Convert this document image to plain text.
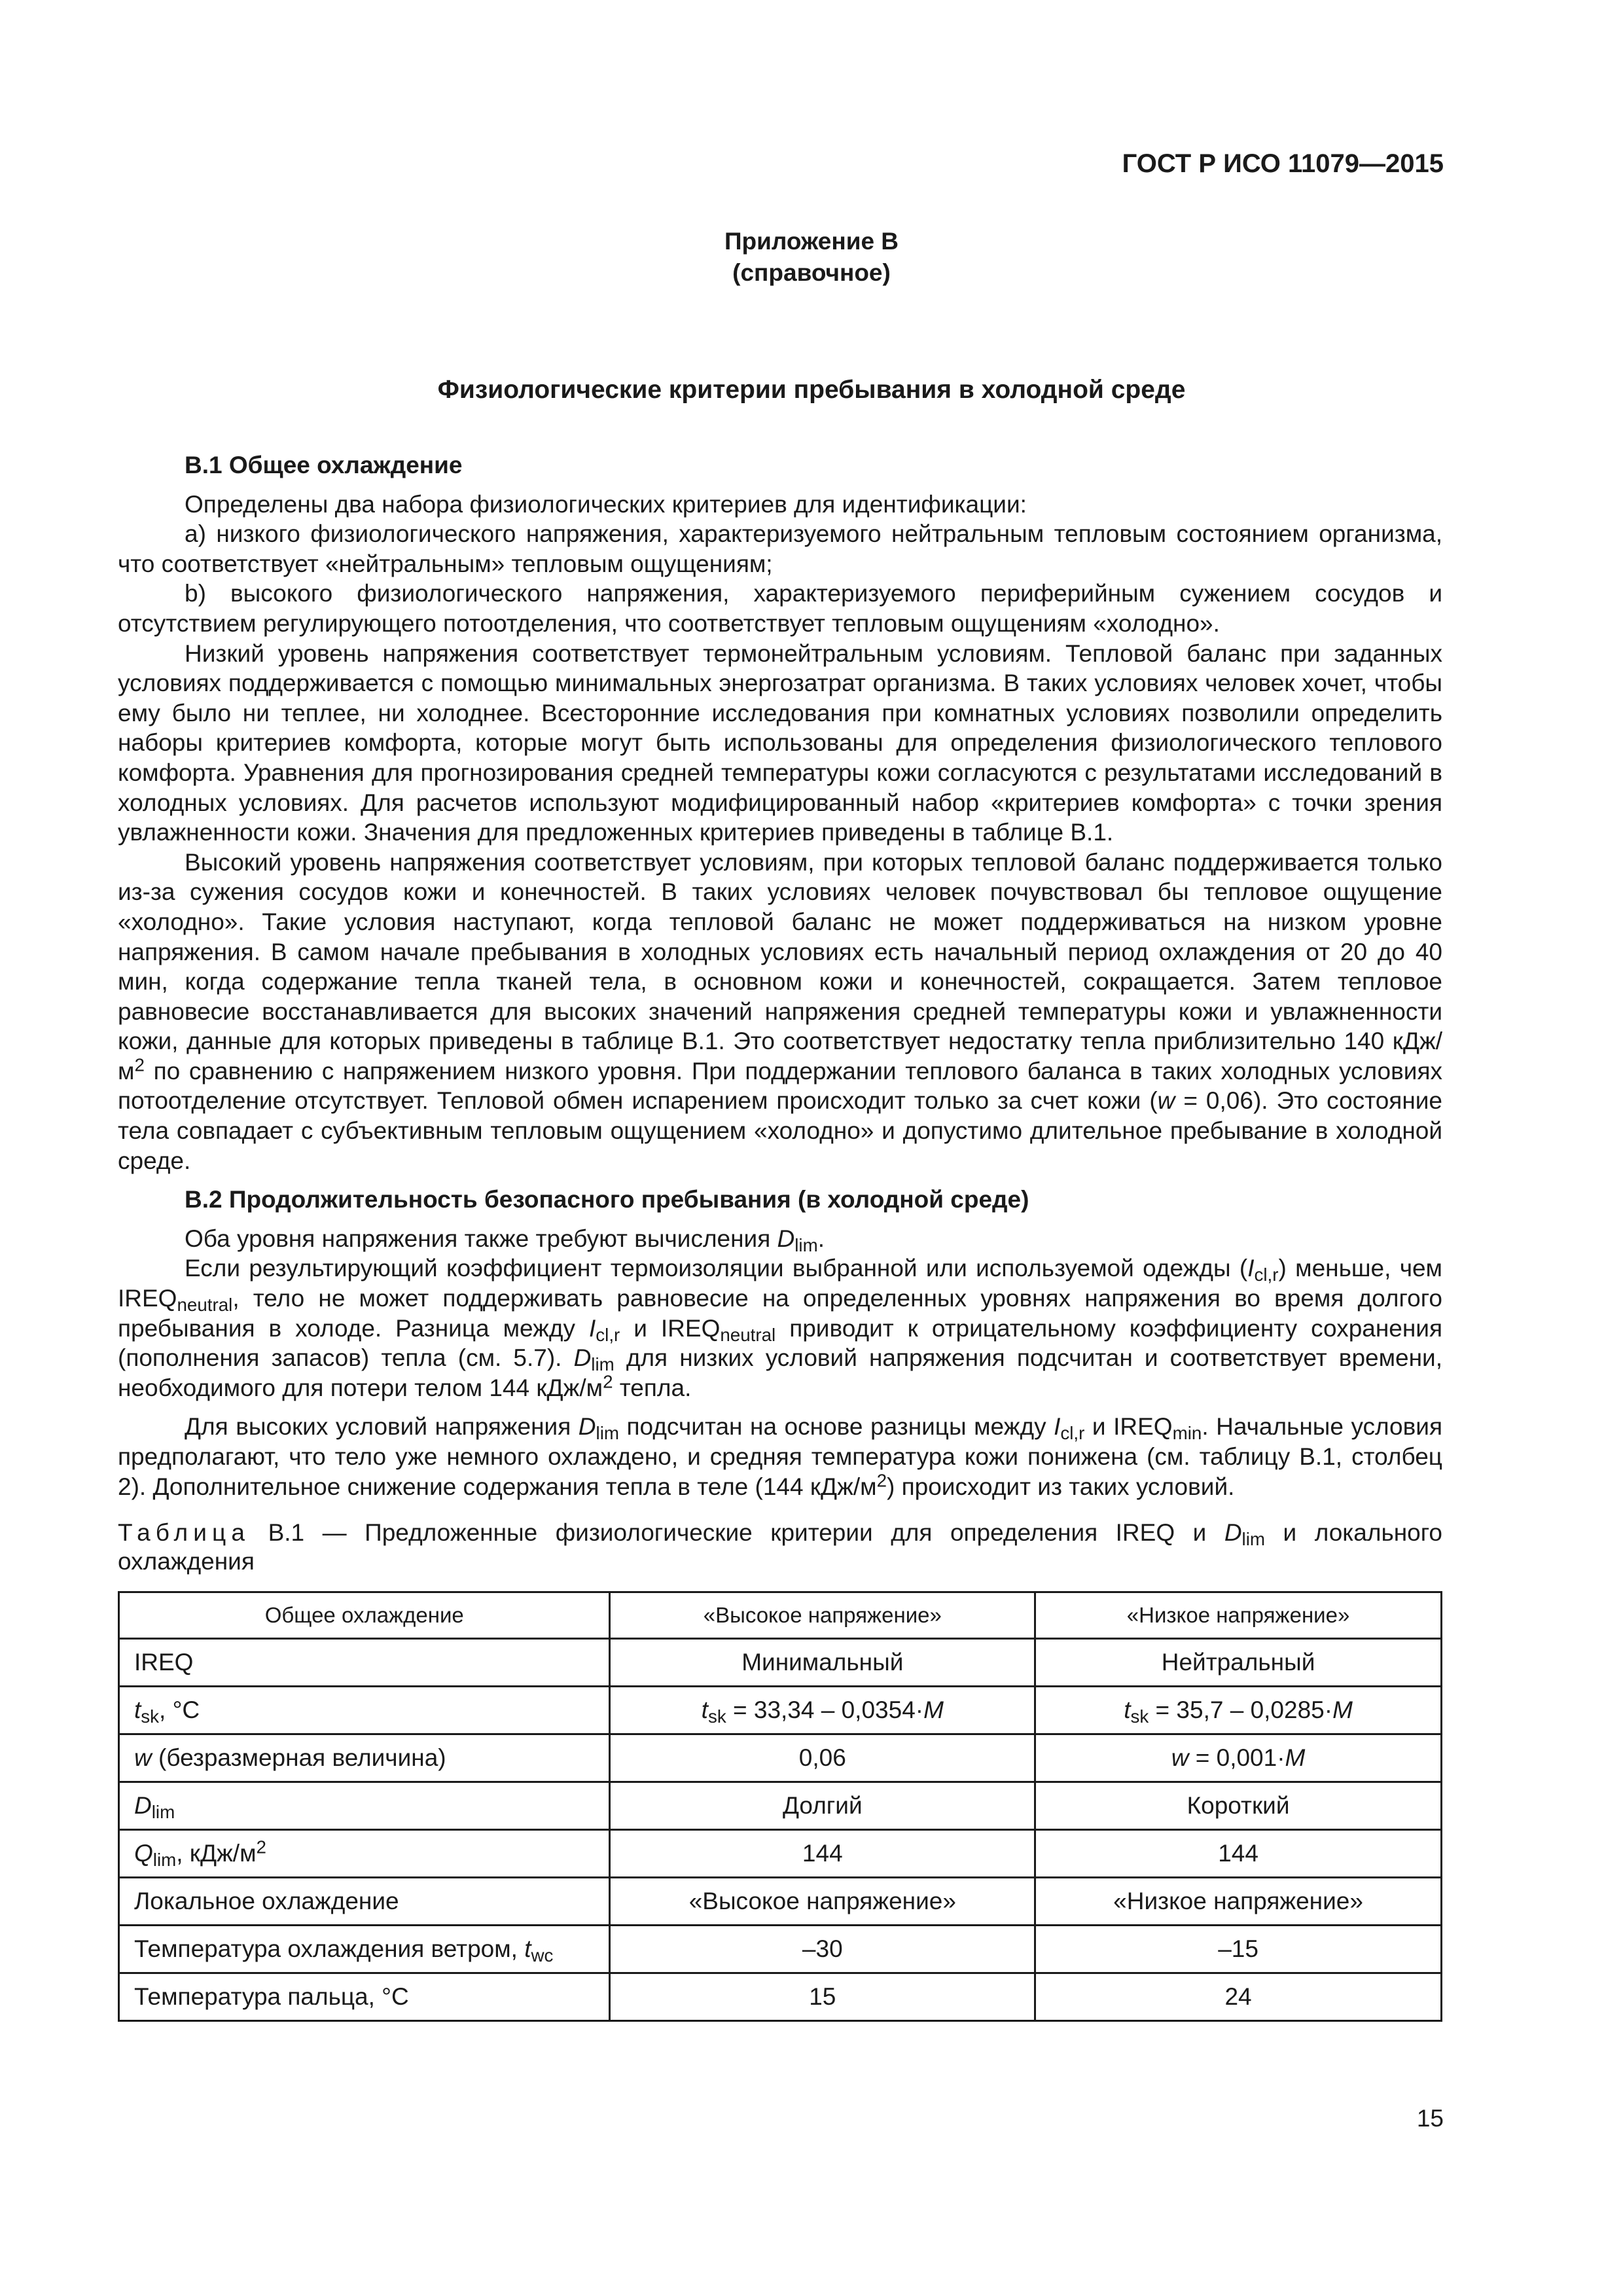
ГОСТ Р ИСО 11079—2015
Приложение В
(справочное)
Физиологические критерии пребывания в холодной среде
В.1 Общее охлаждение

Определены два набора физиологических критериев для идентификации:

а) низкого физиологического напряжения, характеризуемого нейтральным тепловым состоянием организма, что соответствует «нейтральным» тепловым ощущениям;

b) высокого физиологического напряжения, характеризуемого периферийным сужением сосудов и отсутствием регулирующего потоотделения, что соответствует тепловым ощущениям «холодно».

Низкий уровень напряжения соответствует термонейтральным условиям. Тепловой баланс при заданных условиях поддерживается с помощью минимальных энергозатрат организма. В таких условиях человек хочет, чтобы ему было ни теплее, ни холоднее. Всесторонние исследования при комнатных условиях позволили определить наборы критериев комфорта, которые могут быть использованы для определения физиологического теплового комфорта. Уравнения для прогнозирования средней температуры кожи согласуются с результатами исследований в холодных условиях. Для расчетов используют модифицированный набор «критериев комфорта» с точки зрения увлажненности кожи. Значения для предложенных критериев приведены в таблице В.1.

Высокий уровень напряжения соответствует условиям, при которых тепловой баланс поддерживается только из-за сужения сосудов кожи и конечностей. В таких условиях человек почувствовал бы тепловое ощущение «холодно». Такие условия наступают, когда тепловой баланс не может поддерживаться на низком уровне напряжения. В самом начале пребывания в холодных условиях есть начальный период охлаждения от 20 до 40 мин, когда содержание тепла тканей тела, в основном кожи и конечностей, сокращается. Затем тепловое равновесие восстанавливается для высоких значений напряжения средней температуры кожи и увлажненности кожи, данные для которых приведены в таблице В.1. Это соответствует недостатку тепла приблизительно 140 кДж/$м^2$ по сравнению с напряжением низкого уровня. При поддержании теплового баланса в таких холодных условиях потоотделение отсутствует. Тепловой обмен испарением происходит только за счет кожи (w = 0,06). Это состояние тела совпадает с субъективным тепловым ощущением «холодно» и допустимо длительное пребывание в холодной среде.

В.2 Продолжительность безопасного пребывания (в холодной среде)

Оба уровня напряжения также требуют вычисления $D_{lim}$.

Если результирующий коэффициент термоизоляции выбранной или используемой одежды $(I_{cl,r})$ меньше, чем $IREQ_{neutral}$, тело не может поддерживать равновесие на определенных уровнях напряжения во время долгого пребывания в холоде. Разница между $I_{cl,r}$ и $IREQ_{neutral}$ приводит к отрицательному коэффициенту сохранения (пополнения запасов) тепла (см. 5.7). $D_{lim}$ для низких условий напряжения подсчитан и соответствует времени, необходимого для потери телом 144 кДж/$м^2$ тепла.

Для высоких условий напряжения $D_{lim}$ подсчитан на основе разницы между $I_{cl,r}$ и $IREQ_{min}$. Начальные условия предполагают, что тело уже немного охлаждено, и средняя температура кожи понижена (см. таблицу В.1, столбец 2). Дополнительное снижение содержания тепла в теле (144 кДж/$м^2$) происходит из таких условий.

Таблица В.1 — Предложенные физиологические критерии для определения IREQ и $D_{lim}$ и локального охлаждения
Общее охлаждение	«Высокое напряжение»	«Низкое напряжение»
IREQ	Минимальный	Нейтральный
$t_{sk}$, °С	$t_{sk} = 33,34 - 0,0354\cdot M$	$t_{sk} = 35,7 - 0,0285\cdot M$
w (безразмерная величина)	0,06	w = 0,001·M
$D_{lim}$	Долгий	Короткий
$Q_{lim}$, кДж/$м^2$	144	144
Локальное охлаждение	«Высокое напряжение»	«Низкое напряжение»
Температура охлаждения ветром, $t_{wc}$	–30	–15
Температура пальца, °С	15	24
15
